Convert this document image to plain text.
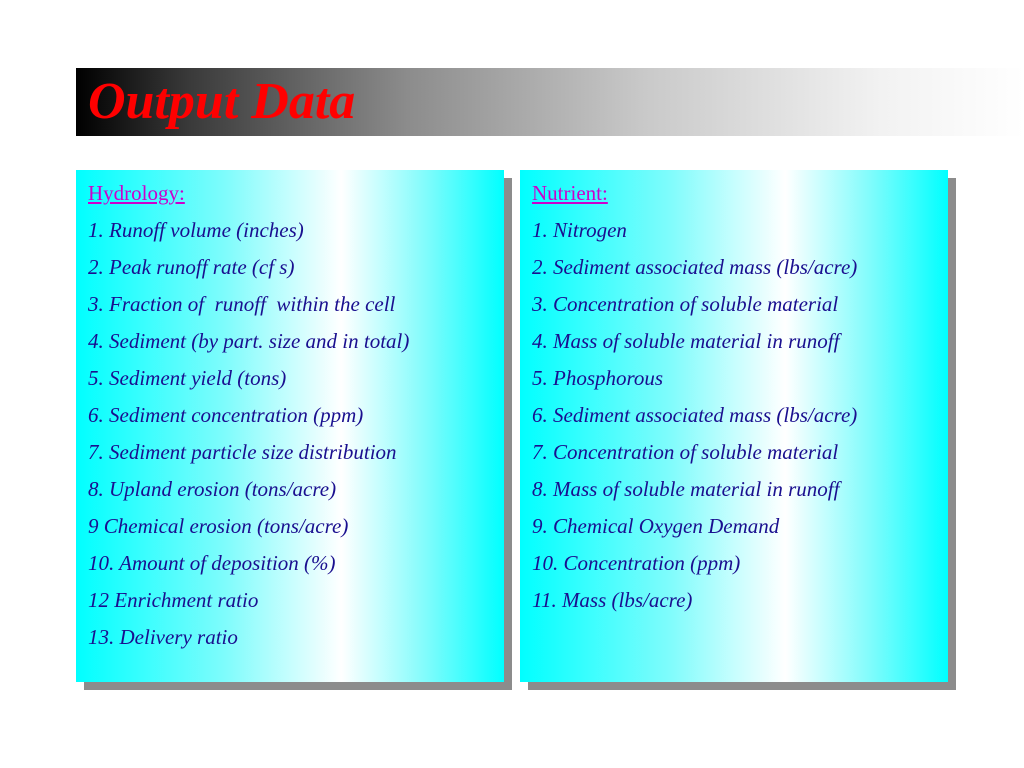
Output Data
Hydrology:
1. Runoff volume (inches)
2. Peak runoff rate (cf s)
3. Fraction of  runoff  within the cell
4. Sediment (by part. size and in total)
5. Sediment yield (tons)
6. Sediment concentration (ppm)
7. Sediment particle size distribution
8. Upland erosion (tons/acre)
9 Chemical erosion (tons/acre)
10. Amount of deposition (%)
12 Enrichment ratio
13. Delivery ratio
Nutrient:
1. Nitrogen
2. Sediment associated mass (lbs/acre)
3. Concentration of soluble material
4. Mass of soluble material in runoff
5. Phosphorous
6. Sediment associated mass (lbs/acre)
7. Concentration of soluble material
8. Mass of soluble material in runoff
9. Chemical Oxygen Demand
10. Concentration (ppm)
11. Mass (lbs/acre)
